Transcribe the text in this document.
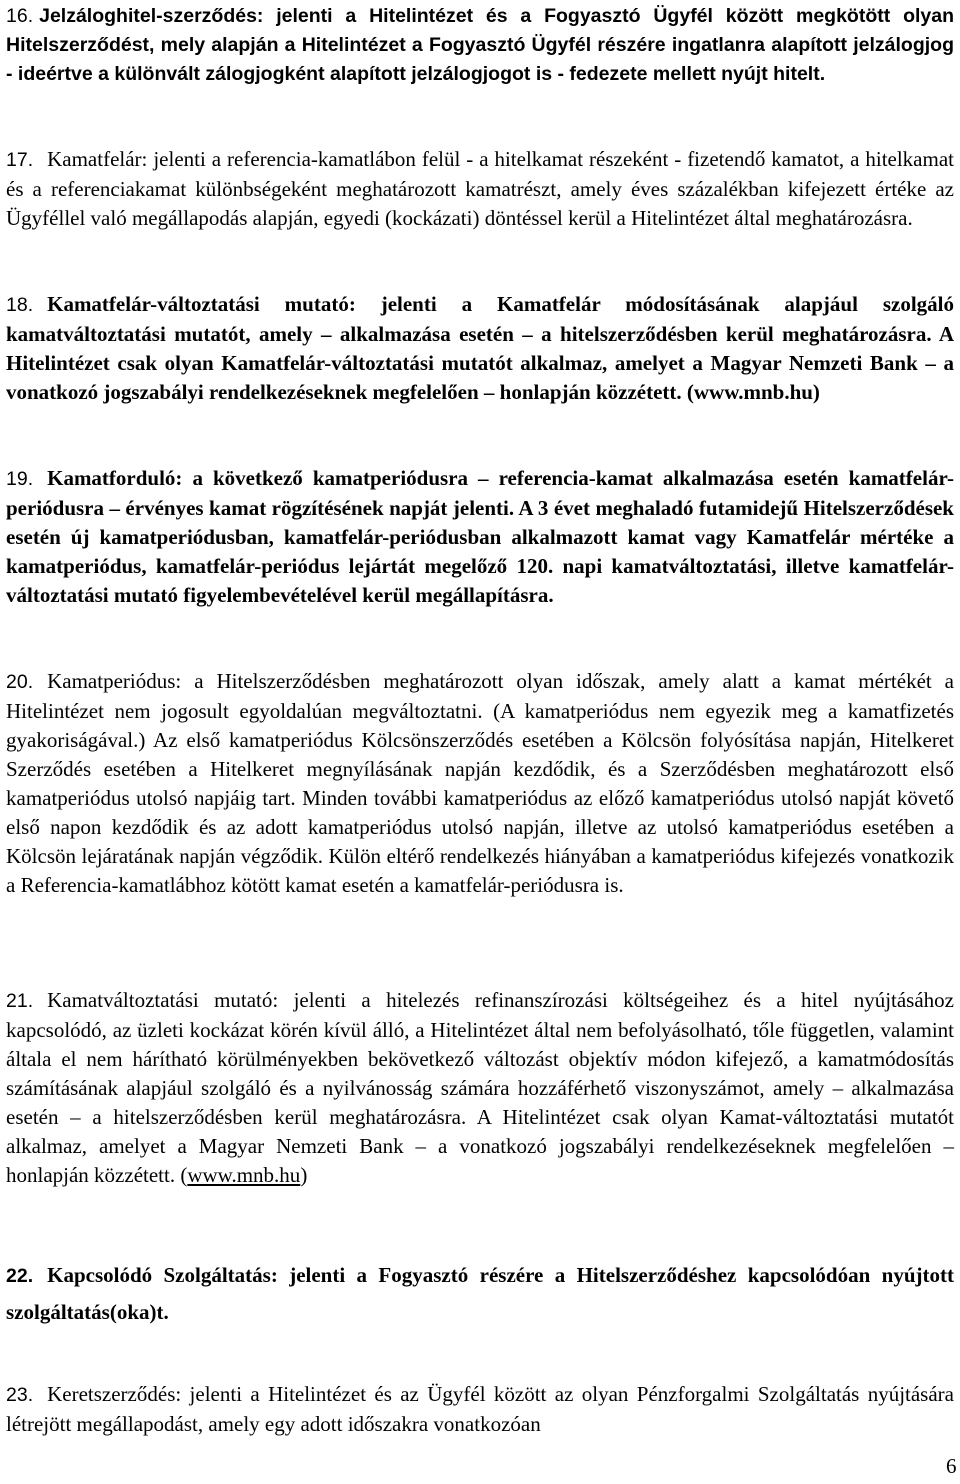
16. Jelzáloghitel-szerződés: jelenti a Hitelintézet és a Fogyasztó Ügyfél között megkötött olyan Hitelszerződést, mely alapján a Hitelintézet a Fogyasztó Ügyfél részére ingatlanra alapított jelzálogjog - ideértve a különvált zálogjogként alapított jelzálogjogot is - fedezete mellett nyújt hitelt.

17. Kamatfelár: jelenti a referencia-kamatlábon felül - a hitelkamat részeként - fizetendő kamatot, a hitelkamat és a referenciakamat különbségeként meghatározott kamatrészt, amely éves százalékban kifejezett értéke az Ügyféllel való megállapodás alapján, egyedi (kockázati) döntéssel kerül a Hitelintézet által meghatározásra.

18. Kamatfelár-változtatási mutató: jelenti a Kamatfelár módosításának alapjául szolgáló kamatváltoztatási mutatót, amely – alkalmazása esetén – a hitelszerződésben kerül meghatározásra. A Hitelintézet csak olyan Kamatfelár-változtatási mutatót alkalmaz, amelyet a Magyar Nemzeti Bank – a vonatkozó jogszabályi rendelkezéseknek megfelelően – honlapján közzétett. (www.mnb.hu)

19. Kamatforduló: a következő kamatperiódusra – referencia-kamat alkalmazása esetén kamatfelár-periódusra – érvényes kamat rögzítésének napját jelenti. A 3 évet meghaladó futamidejű Hitelszerződések esetén új kamatperiódusban, kamatfelár-periódusban alkalmazott kamat vagy Kamatfelár mértéke a kamatperiódus, kamatfelár-periódus lejártát megelőző 120. napi kamatváltoztatási, illetve kamatfelár-változtatási mutató figyelembevételével kerül megállapításra.

20. Kamatperiódus: a Hitelszerződésben meghatározott olyan időszak, amely alatt a kamat mértékét a Hitelintézet nem jogosult egyoldalúan megváltoztatni. (A kamatperiódus nem egyezik meg a kamatfizetés gyakoriságával.) Az első kamatperiódus Kölcsönszerződés esetében a Kölcsön folyósítása napján, Hitelkeret Szerződés esetében a Hitelkeret megnyílásának napján kezdődik, és a Szerződésben meghatározott első kamatperiódus utolsó napjáig tart. Minden további kamatperiódus az előző kamatperiódus utolsó napját követő első napon kezdődik és az adott kamatperiódus utolsó napján, illetve az utolsó kamatperiódus esetében a Kölcsön lejáratának napján végződik. Külön eltérő rendelkezés hiányában a kamatperiódus kifejezés vonatkozik a Referencia-kamatlábhoz kötött kamat esetén a kamatfelár-periódusra is.

21. Kamatváltoztatási mutató: jelenti a hitelezés refinanszírozási költségeihez és a hitel nyújtásához kapcsolódó, az üzleti kockázat körén kívül álló, a Hitelintézet által nem befolyásolható, tőle független, valamint általa el nem hárítható körülményekben bekövetkező változást objektív módon kifejező, a kamatmódosítás számításának alapjául szolgáló és a nyilvánosság számára hozzáférhető viszonyszámot, amely – alkalmazása esetén – a hitelszerződésben kerül meghatározásra. A Hitelintézet csak olyan Kamat-változtatási mutatót alkalmaz, amelyet a Magyar Nemzeti Bank – a vonatkozó jogszabályi rendelkezéseknek megfelelően – honlapján közzétett. (www.mnb.hu)

22. Kapcsolódó Szolgáltatás: jelenti a Fogyasztó részére a Hitelszerződéshez kapcsolódóan nyújtott szolgáltatás(oka)t.

23. Keretszerződés: jelenti a Hitelintézet és az Ügyfél között az olyan Pénzforgalmi Szolgáltatás nyújtására létrejött megállapodást, amely egy adott időszakra vonatkozóan

6
